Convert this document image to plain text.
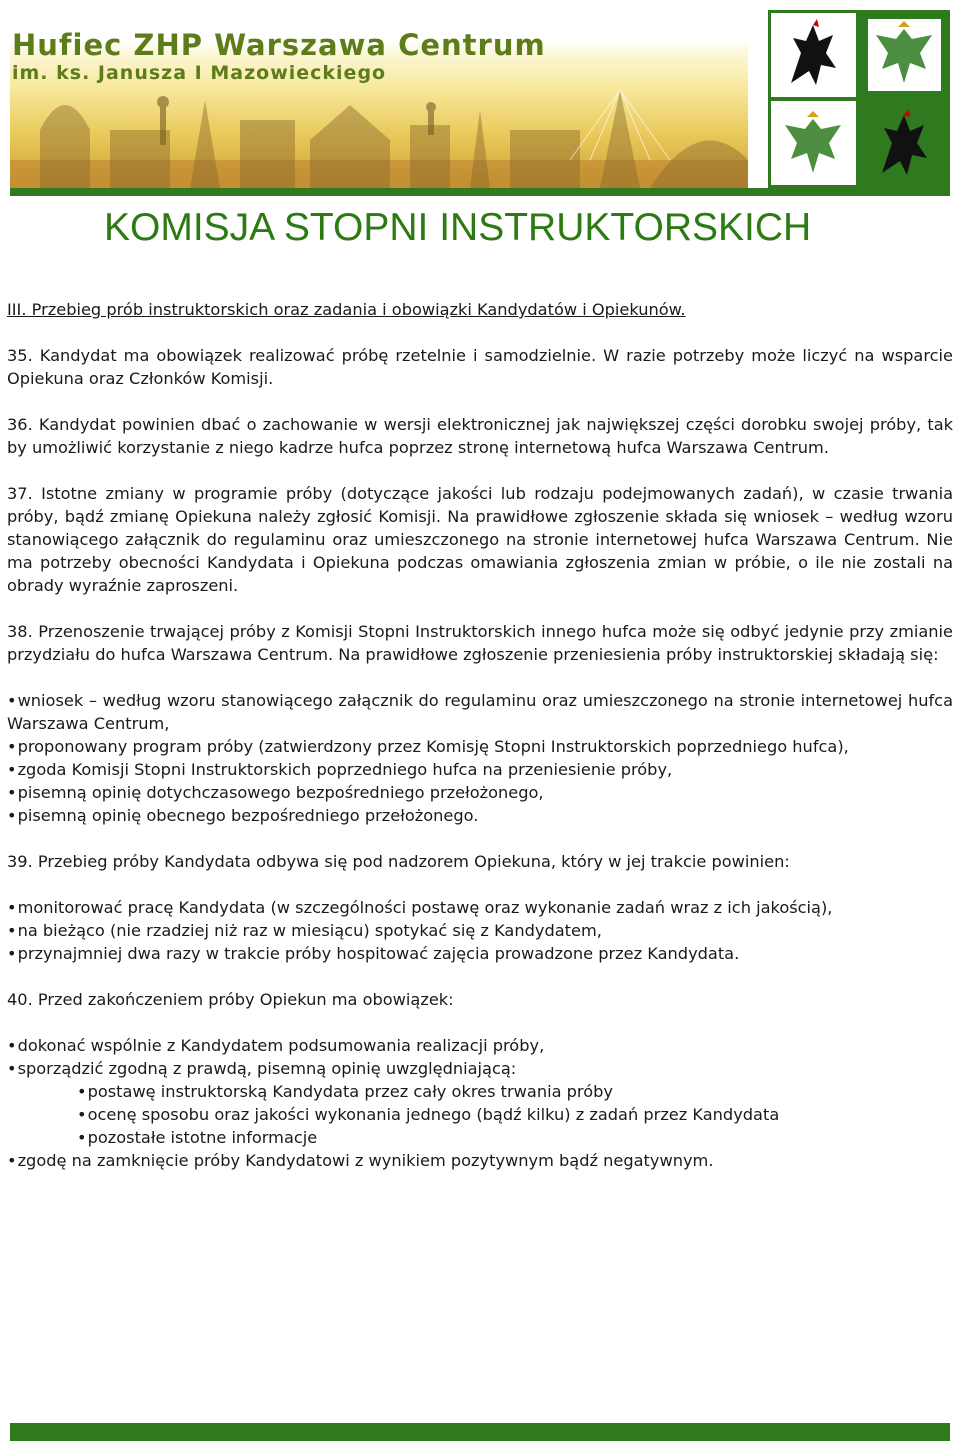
Hufiec ZHP Warszawa Centrum
im. ks. Janusza I Mazowieckiego
KOMISJA STOPNI INSTRUKTORSKICH

III. Przebieg prób instruktorskich oraz zadania i obowiązki Kandydatów i Opiekunów.

35. Kandydat ma obowiązek realizować próbę rzetelnie i samodzielnie. W razie potrzeby może liczyć na wsparcie Opiekuna oraz Członków Komisji.

36. Kandydat powinien dbać o zachowanie w wersji elektronicznej jak największej części dorobku swojej próby, tak by umożliwić korzystanie z niego kadrze hufca poprzez stronę internetową hufca Warszawa Centrum.

37. Istotne zmiany w programie próby (dotyczące jakości lub rodzaju podejmowanych zadań), w czasie trwania próby, bądź zmianę Opiekuna należy zgłosić Komisji. Na prawidłowe zgłoszenie składa się wniosek – według wzoru stanowiącego załącznik do regulaminu oraz umieszczonego na stronie internetowej hufca Warszawa Centrum. Nie ma potrzeby obecności Kandydata i Opiekuna podczas omawiania zgłoszenia zmian w próbie, o ile nie zostali na obrady wyraźnie zaproszeni.

38. Przenoszenie trwającej próby z Komisji Stopni Instruktorskich innego hufca może się odbyć jedynie przy zmianie przydziału do hufca Warszawa Centrum. Na prawidłowe zgłoszenie przeniesienia próby instruktorskiej składają się:

•wniosek – według wzoru stanowiącego załącznik do regulaminu oraz umieszczonego na stronie internetowej hufca Warszawa Centrum,
•proponowany program próby (zatwierdzony przez Komisję Stopni Instruktorskich poprzedniego hufca),
•zgoda Komisji Stopni Instruktorskich poprzedniego hufca na przeniesienie próby,
•pisemną opinię dotychczasowego bezpośredniego przełożonego,
•pisemną opinię obecnego bezpośredniego przełożonego.

39. Przebieg próby Kandydata odbywa się pod nadzorem Opiekuna, który w jej trakcie powinien:

•monitorować pracę Kandydata (w szczególności postawę oraz wykonanie zadań wraz z ich jakością),
•na bieżąco (nie rzadziej niż raz w miesiącu) spotykać się z Kandydatem,
•przynajmniej dwa razy w trakcie próby hospitować zajęcia prowadzone przez Kandydata.

40. Przed zakończeniem próby Opiekun ma obowiązek:

•dokonać wspólnie z Kandydatem podsumowania realizacji próby,
•sporządzić zgodną z prawdą, pisemną opinię uwzględniającą:
•postawę instruktorską Kandydata przez cały okres trwania próby
•ocenę sposobu oraz jakości wykonania jednego (bądź kilku) z zadań przez Kandydata
•pozostałe istotne informacje
•zgodę na zamknięcie próby Kandydatowi z wynikiem pozytywnym bądź negatywnym.
